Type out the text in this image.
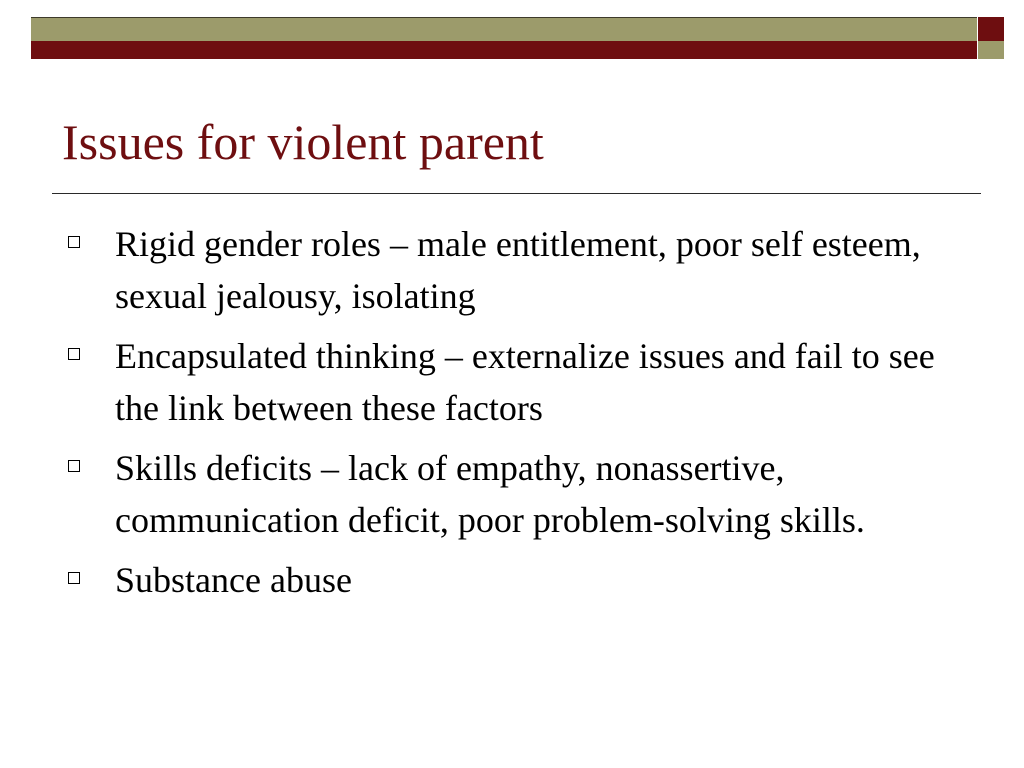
Issues for violent parent
Rigid gender roles – male entitlement, poor self esteem, sexual jealousy, isolating
Encapsulated thinking – externalize issues and fail to see the link between these factors
Skills deficits – lack of empathy, nonassertive, communication deficit, poor problem-solving skills.
Substance abuse
